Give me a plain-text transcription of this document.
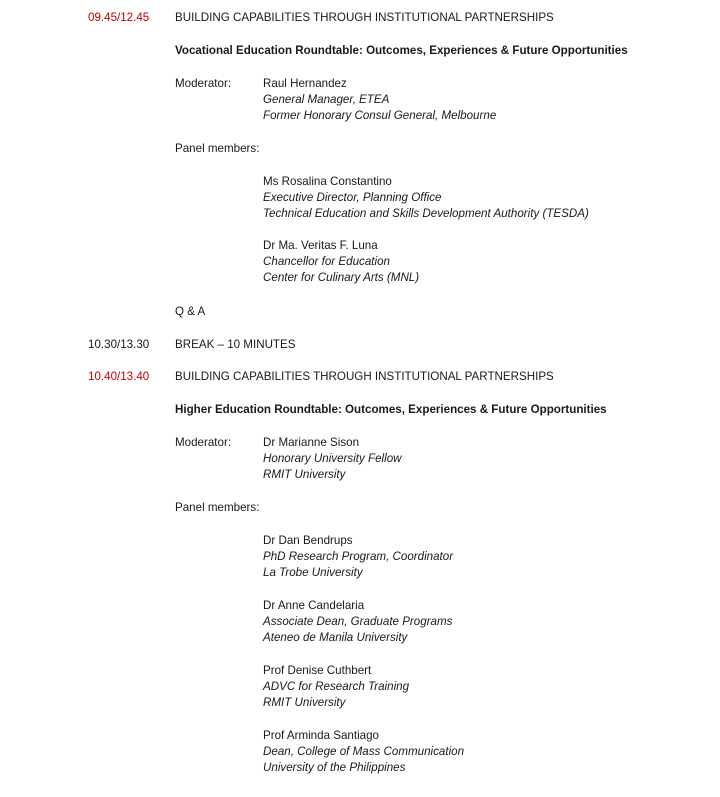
09.45/12.45 BUILDING CAPABILITIES THROUGH INSTITUTIONAL PARTNERSHIPS
Vocational Education Roundtable: Outcomes, Experiences & Future Opportunities
Moderator:	Raul Hernandez
General Manager, ETEA
Former Honorary Consul General, Melbourne
Panel members:
Ms Rosalina Constantino
Executive Director, Planning Office
Technical Education and Skills Development Authority (TESDA)
Dr Ma. Veritas F. Luna
Chancellor for Education
Center for Culinary Arts (MNL)
Q & A
10.30/13.30 BREAK – 10 MINUTES
10.40/13.40 BUILDING CAPABILITIES THROUGH INSTITUTIONAL PARTNERSHIPS
Higher Education Roundtable: Outcomes, Experiences & Future Opportunities
Moderator:	Dr Marianne Sison
Honorary University Fellow
RMIT University
Panel members:
Dr Dan Bendrups
PhD Research Program, Coordinator
La Trobe University
Dr Anne Candelaria
Associate Dean, Graduate Programs
Ateneo de Manila University
Prof Denise Cuthbert
ADVC for Research Training
RMIT University
Prof Arminda Santiago
Dean, College of Mass Communication
University of the Philippines
